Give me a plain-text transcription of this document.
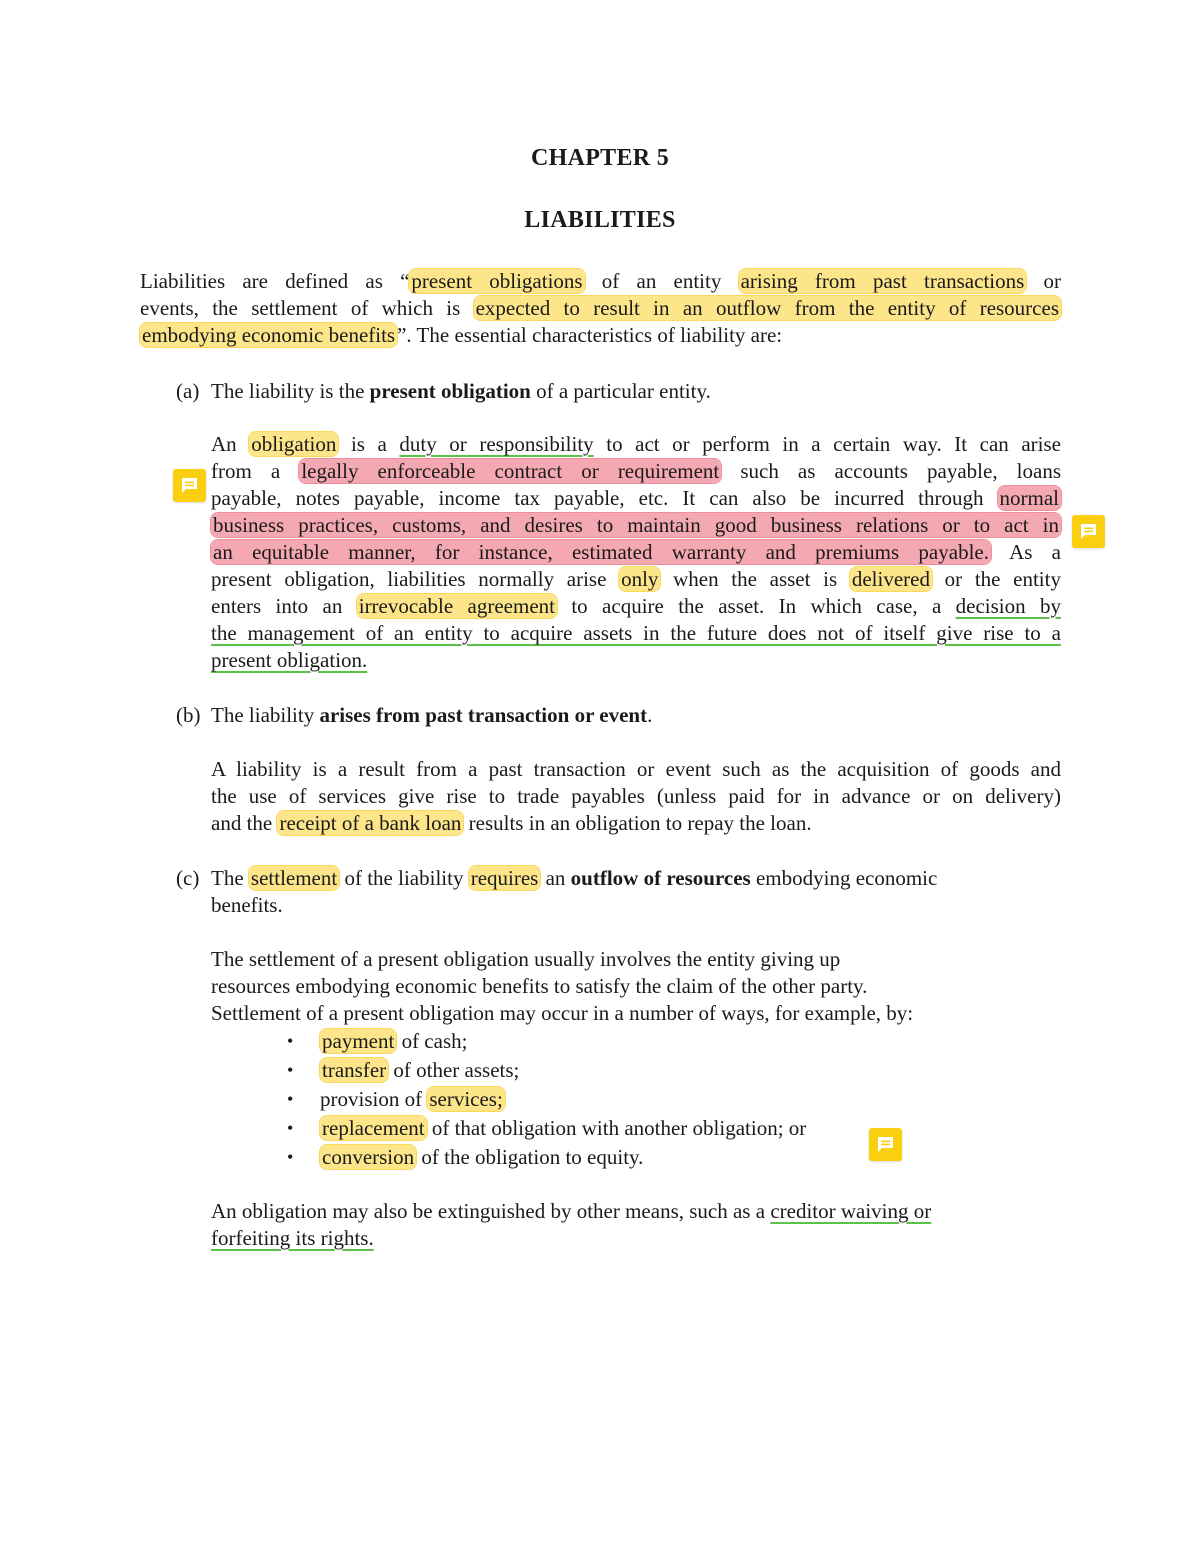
CHAPTER 5
LIABILITIES
Liabilities are defined as “present obligations of an entity arising from past transactions or
events, the settlement of which is expected to result in an outflow from the entity of resources
embodying economic benefits”. The essential characteristics of liability are:
(a) The liability is the present obligation of a particular entity.
An obligation is a duty or responsibility to act or perform in a certain way. It can arise
from a legally enforceable contract or requirement such as accounts payable, loans
payable, notes payable, income tax payable, etc. It can also be incurred through normal
business practices, customs, and desires to maintain good business relations or to act in
an equitable manner, for instance, estimated warranty and premiums payable. As a
present obligation, liabilities normally arise only when the asset is delivered or the entity
enters into an irrevocable agreement to acquire the asset. In which case, a decision by
the management of an entity to acquire assets in the future does not of itself give rise to a
present obligation.
(b) The liability arises from past transaction or event.
A liability is a result from a past transaction or event such as the acquisition of goods and
the use of services give rise to trade payables (unless paid for in advance or on delivery)
and the receipt of a bank loan results in an obligation to repay the loan.
(c) The settlement of the liability requires an outflow of resources embodying economic
benefits.
The settlement of a present obligation usually involves the entity giving up
resources embodying economic benefits to satisfy the claim of the other party.
Settlement of a present obligation may occur in a number of ways, for example, by:
• payment of cash;
• transfer of other assets;
• provision of services;
• replacement of that obligation with another obligation; or
• conversion of the obligation to equity.
An obligation may also be extinguished by other means, such as a creditor waiving or
forfeiting its rights.
